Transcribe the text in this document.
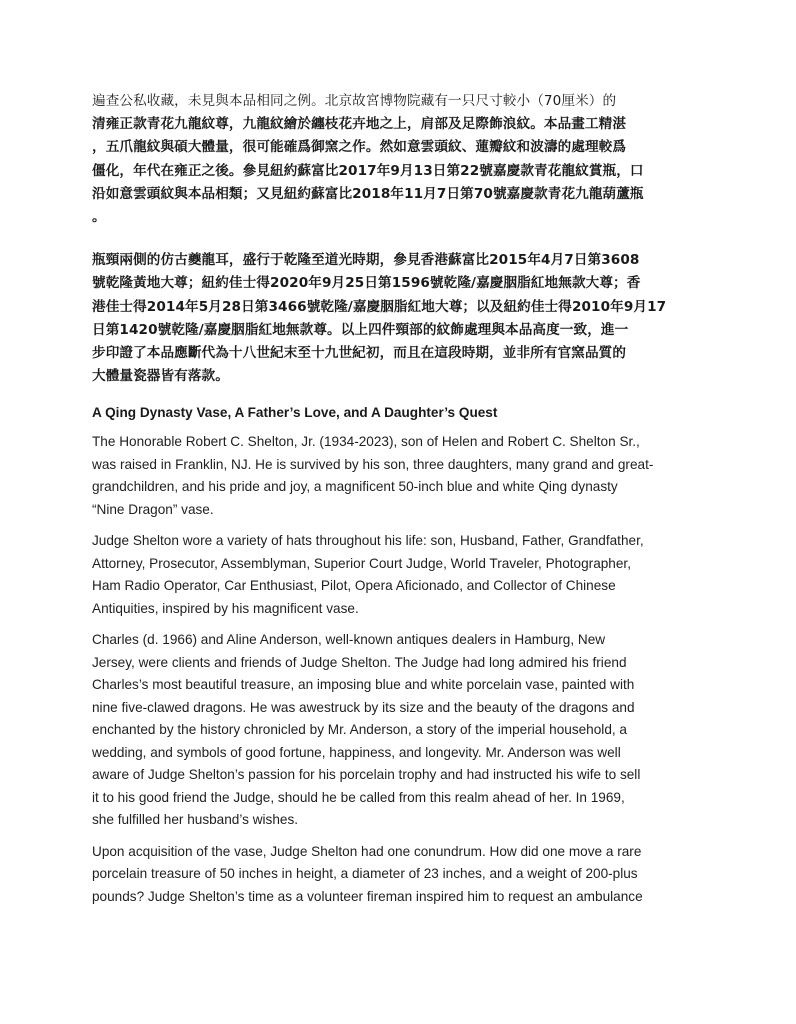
遍查公私收藏，未見與本品相同之例。北京故宮博物院藏有一只尺寸較小（70厘米）的
清雍正款青花九龍紋尊，九龍紋繪於纏枝花卉地之上，肩部及足際飾浪紋。本品畫工精湛
，五爪龍紋與碩大體量，很可能確爲御窯之作。然如意雲頭紋、蓮瓣紋和波濤的處理較爲
僵化，年代在雍正之後。參見紐約蘇富比2017年9月13日第22號嘉慶款青花龍紋賞瓶，口
沿如意雲頭紋與本品相類；又見紐約蘇富比2018年11月7日第70號嘉慶款青花九龍葫蘆瓶
。

瓶頸兩側的仿古夔龍耳，盛行于乾隆至道光時期，參見香港蘇富比2015年4月7日第3608
號乾隆黃地大尊；紐約佳士得2020年9月25日第1596號乾隆/嘉慶胭脂紅地無款大尊；香
港佳士得2014年5月28日第3466號乾隆/嘉慶胭脂紅地大尊；以及紐約佳士得2010年9月17
日第1420號乾隆/嘉慶胭脂紅地無款尊。以上四件頸部的紋飾處理與本品高度一致，進一
步印證了本品應斷代為十八世紀末至十九世紀初，而且在這段時期，並非所有官窯品質的
大體量瓷器皆有落款。

A Qing Dynasty Vase, A Father’s Love, and A Daughter’s Quest

The Honorable Robert C. Shelton, Jr. (1934-2023), son of Helen and Robert C. Shelton Sr.,
was raised in Franklin, NJ. He is survived by his son, three daughters, many grand and great-
grandchildren, and his pride and joy, a magnificent 50-inch blue and white Qing dynasty
“Nine Dragon” vase.

Judge Shelton wore a variety of hats throughout his life: son, Husband, Father, Grandfather,
Attorney, Prosecutor, Assemblyman, Superior Court Judge, World Traveler, Photographer,
Ham Radio Operator, Car Enthusiast, Pilot, Opera Aficionado, and Collector of Chinese
Antiquities, inspired by his magnificent vase.

Charles (d. 1966) and Aline Anderson, well-known antiques dealers in Hamburg, New
Jersey, were clients and friends of Judge Shelton. The Judge had long admired his friend
Charles’s most beautiful treasure, an imposing blue and white porcelain vase, painted with
nine five-clawed dragons. He was awestruck by its size and the beauty of the dragons and
enchanted by the history chronicled by Mr. Anderson, a story of the imperial household, a
wedding, and symbols of good fortune, happiness, and longevity. Mr. Anderson was well
aware of Judge Shelton’s passion for his porcelain trophy and had instructed his wife to sell
it to his good friend the Judge, should he be called from this realm ahead of her. In 1969,
she fulfilled her husband’s wishes.

Upon acquisition of the vase, Judge Shelton had one conundrum. How did one move a rare
porcelain treasure of 50 inches in height, a diameter of 23 inches, and a weight of 200-plus
pounds? Judge Shelton’s time as a volunteer fireman inspired him to request an ambulance
